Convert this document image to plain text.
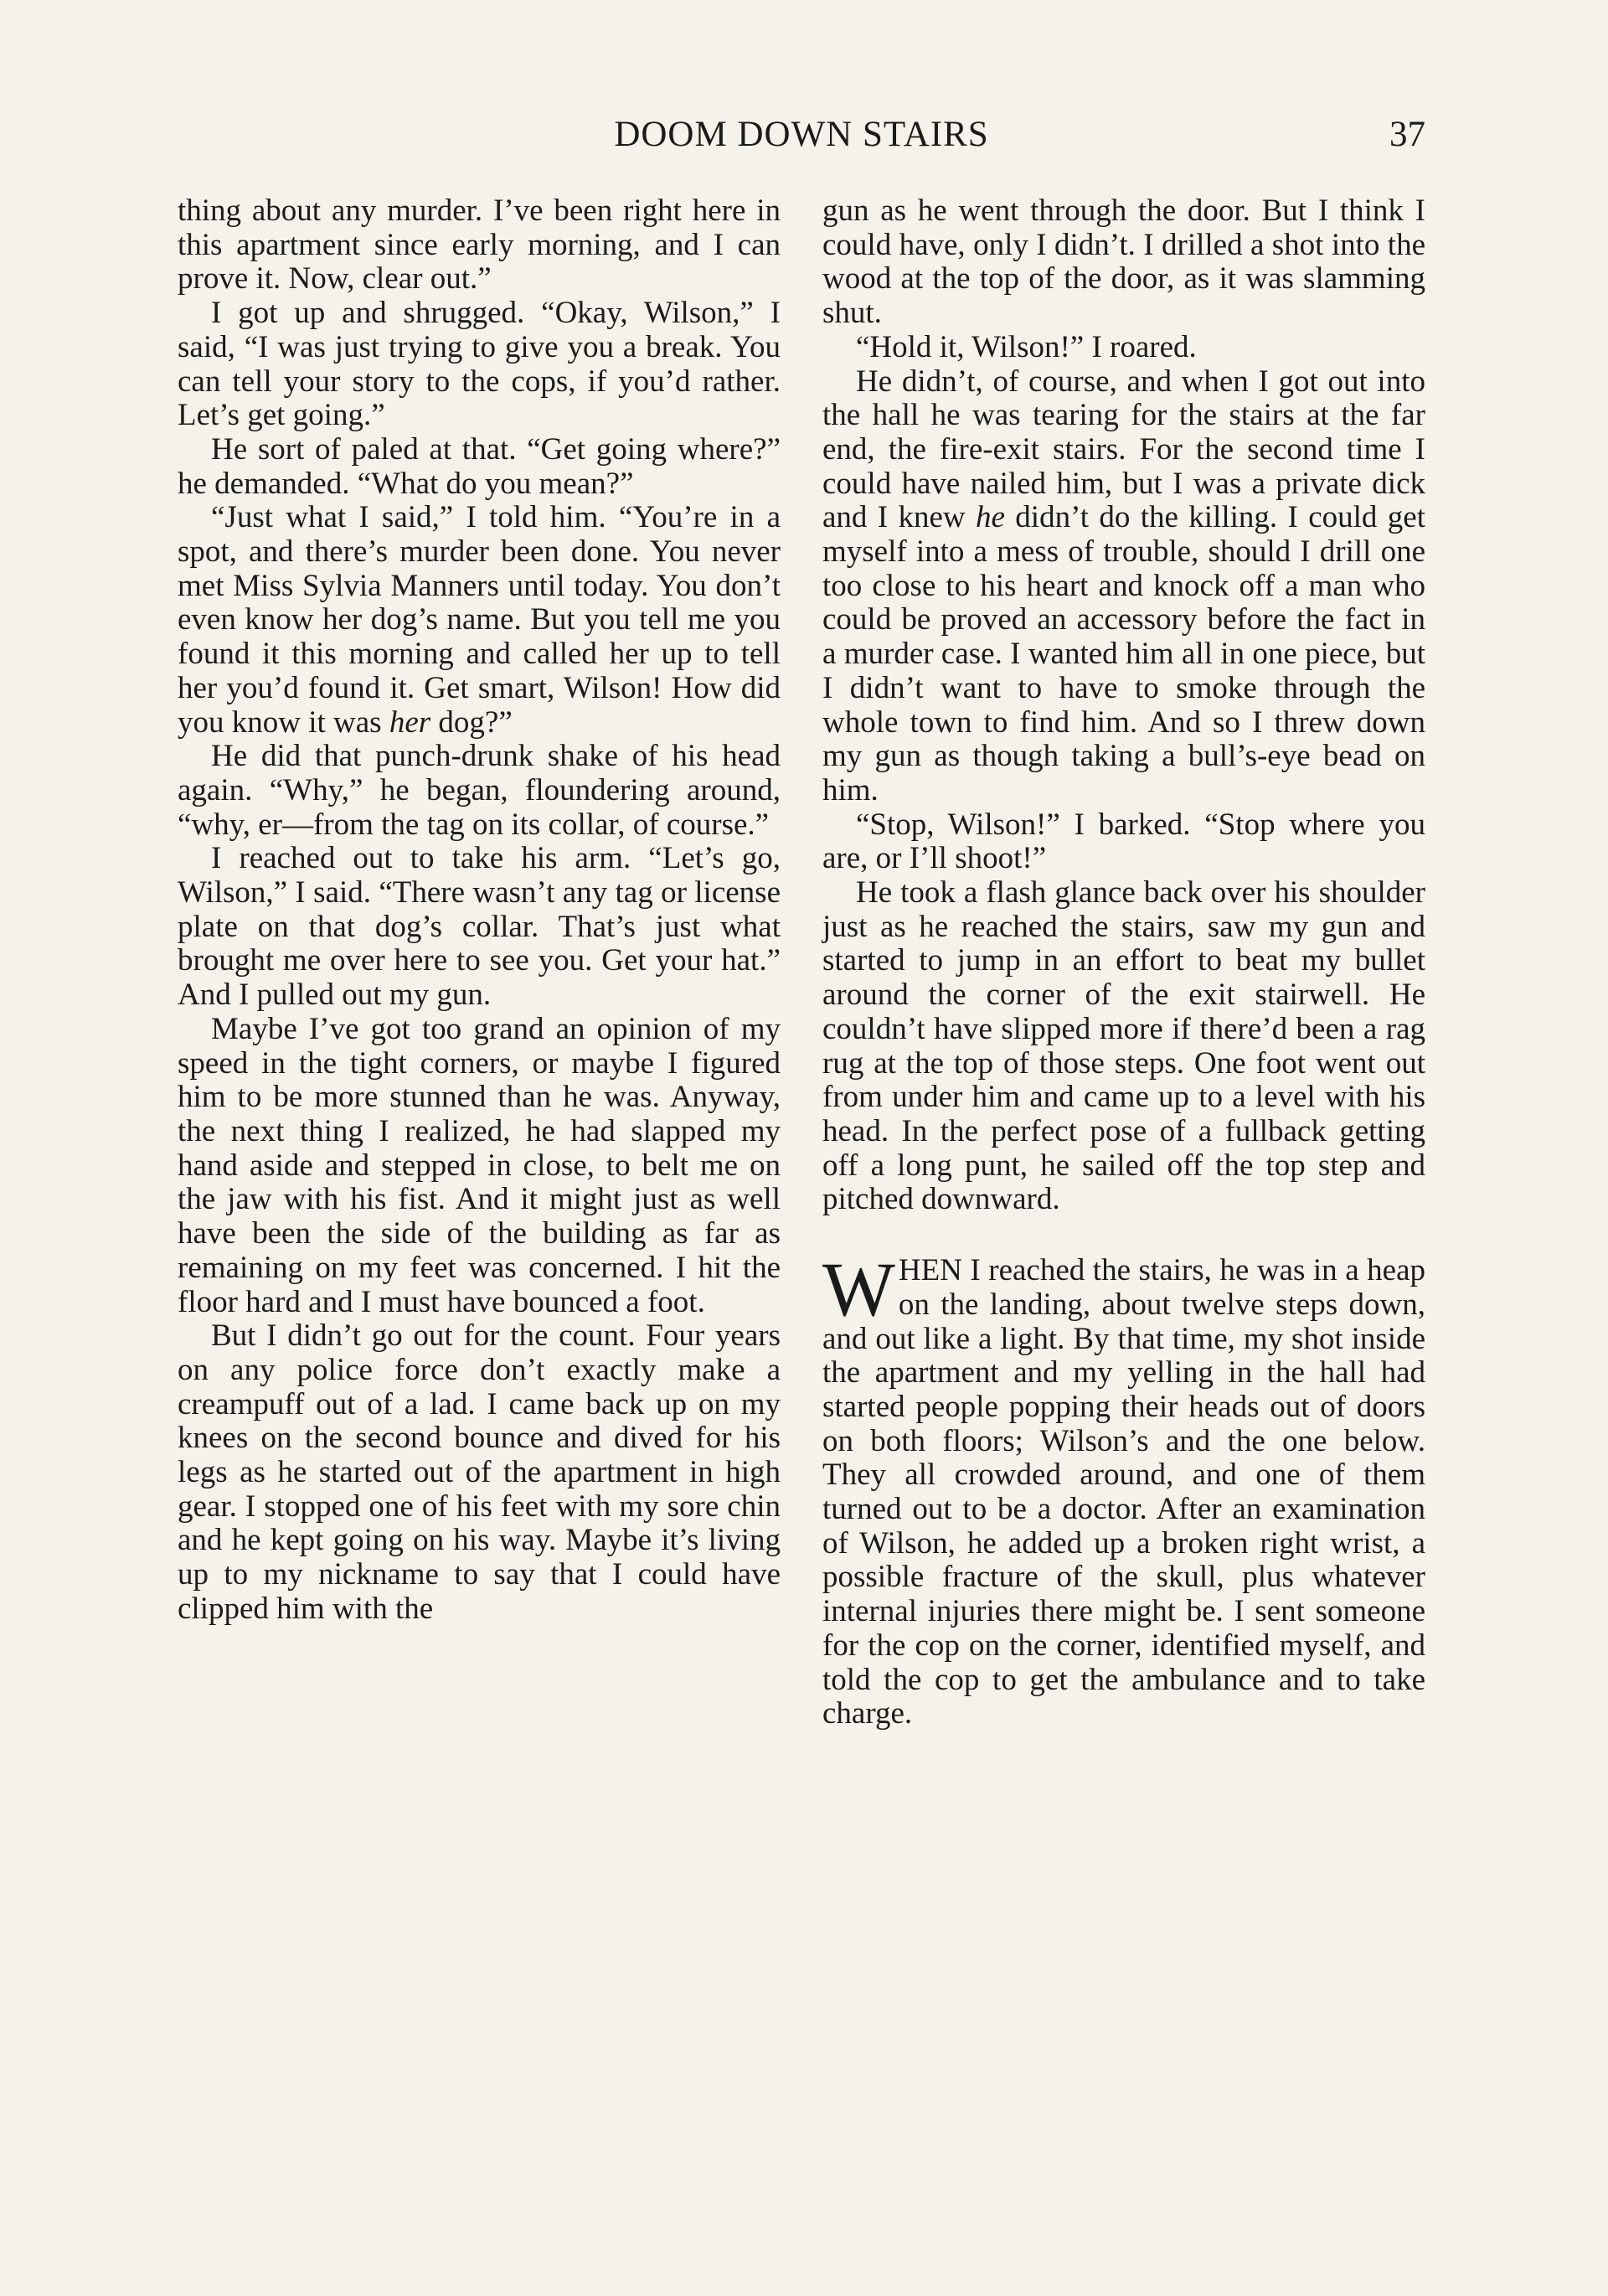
DOOM DOWN STAIRS	37

thing about any murder. I’ve been right here in this apartment since early morning, and I can prove it. Now, clear out.”

I got up and shrugged. “Okay, Wilson,” I said, “I was just trying to give you a break. You can tell your story to the cops, if you’d rather. Let’s get going.”

He sort of paled at that. “Get going where?” he demanded. “What do you mean?”

“Just what I said,” I told him. “You’re in a spot, and there’s murder been done. You never met Miss Sylvia Manners until today. You don’t even know her dog’s name. But you tell me you found it this morning and called her up to tell her you’d found it. Get smart, Wilson! How did you know it was her dog?”

He did that punch-drunk shake of his head again. “Why,” he began, floundering around, “why, er—from the tag on its collar, of course.”

I reached out to take his arm. “Let’s go, Wilson,” I said. “There wasn’t any tag or license plate on that dog’s collar. That’s just what brought me over here to see you. Get your hat.” And I pulled out my gun.

Maybe I’ve got too grand an opinion of my speed in the tight corners, or maybe I figured him to be more stunned than he was. Anyway, the next thing I realized, he had slapped my hand aside and stepped in close, to belt me on the jaw with his fist. And it might just as well have been the side of the building as far as remaining on my feet was concerned. I hit the floor hard and I must have bounced a foot.

But I didn’t go out for the count. Four years on any police force don’t exactly make a creampuff out of a lad. I came back up on my knees on the second bounce and dived for his legs as he started out of the apartment in high gear. I stopped one of his feet with my sore chin and he kept going on his way. Maybe it’s living up to my nickname to say that I could have clipped him with the

gun as he went through the door. But I think I could have, only I didn’t. I drilled a shot into the wood at the top of the door, as it was slamming shut.

“Hold it, Wilson!” I roared.

He didn’t, of course, and when I got out into the hall he was tearing for the stairs at the far end, the fire-exit stairs. For the second time I could have nailed him, but I was a private dick and I knew he didn’t do the killing. I could get myself into a mess of trouble, should I drill one too close to his heart and knock off a man who could be proved an accessory before the fact in a murder case. I wanted him all in one piece, but I didn’t want to have to smoke through the whole town to find him. And so I threw down my gun as though taking a bull’s-eye bead on him.

“Stop, Wilson!” I barked. “Stop where you are, or I’ll shoot!”

He took a flash glance back over his shoulder just as he reached the stairs, saw my gun and started to jump in an effort to beat my bullet around the corner of the exit stairwell. He couldn’t have slipped more if there’d been a rag rug at the top of those steps. One foot went out from under him and came up to a level with his head. In the perfect pose of a fullback getting off a long punt, he sailed off the top step and pitched downward.

WHEN I reached the stairs, he was in a heap on the landing, about twelve steps down, and out like a light. By that time, my shot inside the apartment and my yelling in the hall had started people popping their heads out of doors on both floors; Wilson’s and the one below. They all crowded around, and one of them turned out to be a doctor. After an examination of Wilson, he added up a broken right wrist, a possible fracture of the skull, plus whatever internal injuries there might be. I sent someone for the cop on the corner, identified myself, and told the cop to get the ambulance and to take charge.
